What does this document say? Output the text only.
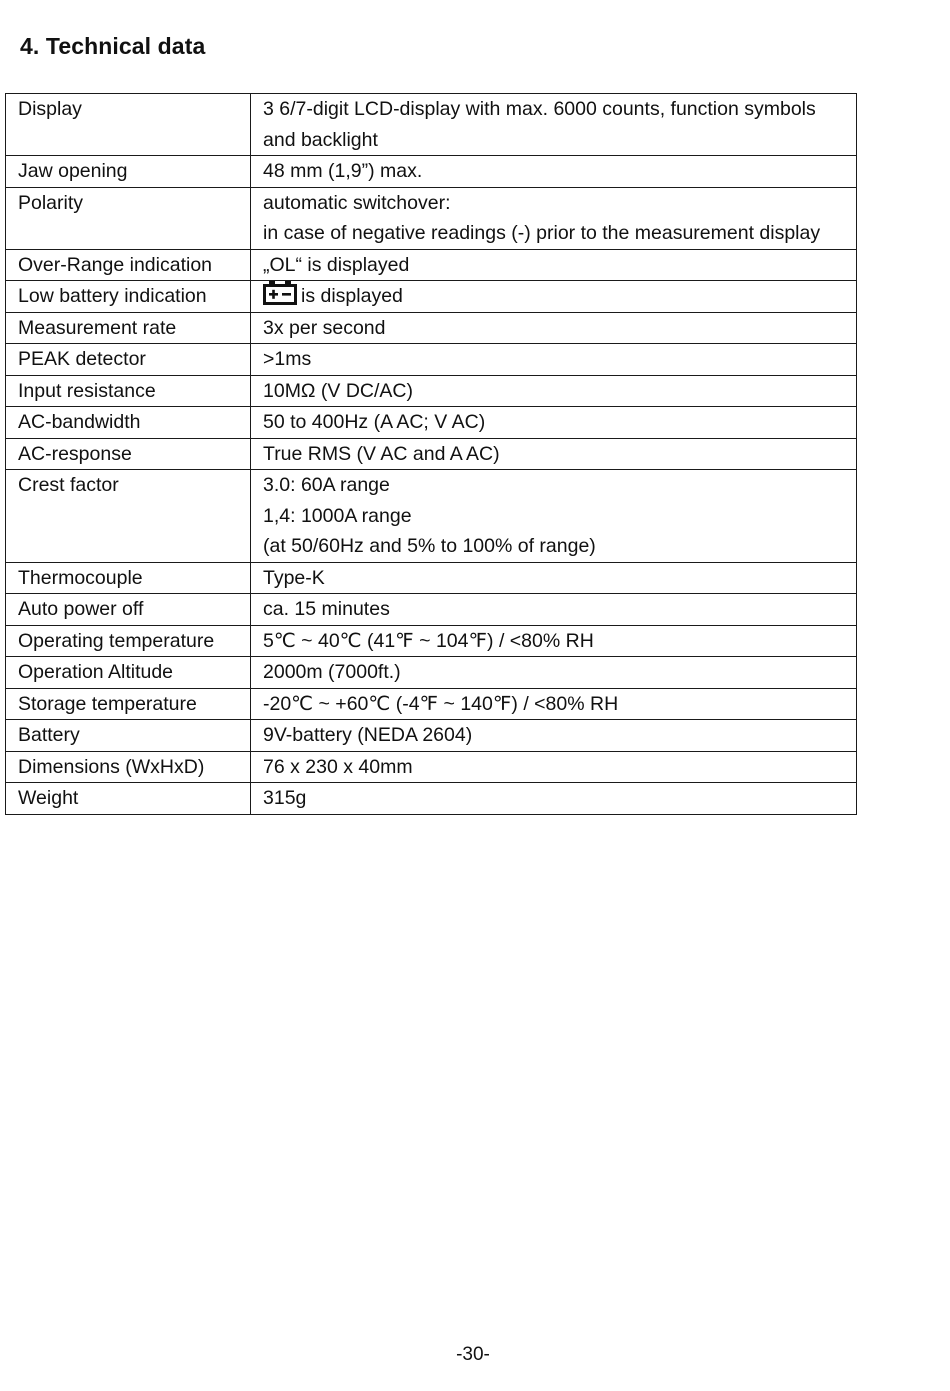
4. Technical data
Display	3 6/7-digit LCD-display with max. 6000 counts, function symbols
and backlight

Jaw opening	48 mm (1,9”) max.

Polarity	automatic switchover:
in case of negative readings (-) prior to the measurement display

Over-Range indication	„OL“ is displayed

Low battery indication	is displayed

Measurement rate	3x per second

PEAK detector	>1ms

Input resistance	10MΩ (V DC/AC)

AC-bandwidth	50 to 400Hz (A AC; V AC)

AC-response	True RMS (V AC and A AC)

Crest factor	3.0: 60A range
1,4: 1000A range
(at 50/60Hz and 5% to 100% of range)

Thermocouple	Type-K

Auto power off	ca. 15 minutes

Operating temperature	5℃ ~ 40℃ (41℉ ~ 104℉) / <80% RH

Operation Altitude	2000m (7000ft.)

Storage temperature	-20℃ ~ +60℃ (-4℉ ~ 140℉) / <80% RH

Battery	9V-battery (NEDA 2604)

Dimensions (WxHxD)	76 x 230 x 40mm

Weight	315g
-30-
